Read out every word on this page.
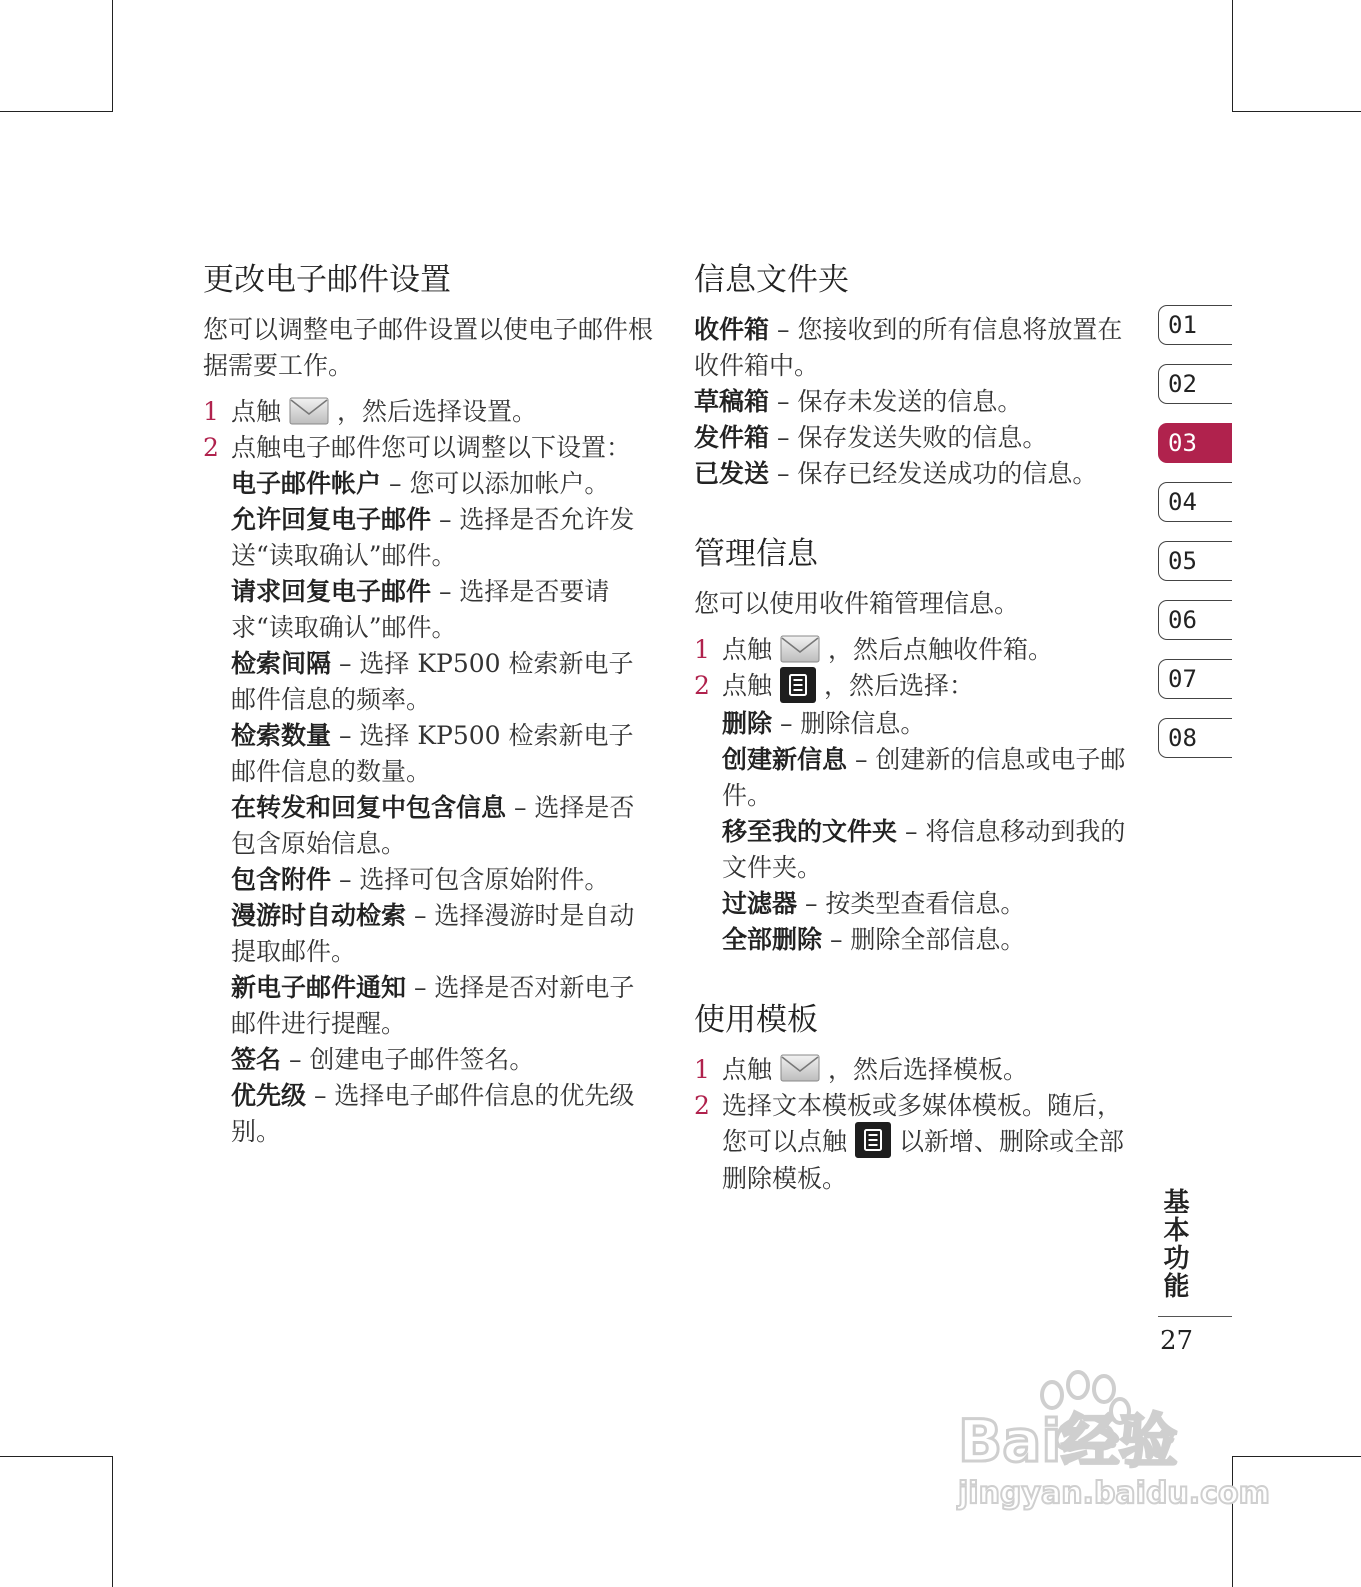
更改电子邮件设置

您可以调整电子邮件设置以使电子邮件根据需要工作。

1 点触 ，然后选择设置。
2 点触电子邮件您可以调整以下设置：
电子邮件帐户 – 您可以添加帐户。
允许回复电子邮件 – 选择是否允许发送“读取确认”邮件。
请求回复电子邮件 – 选择是否要请求“读取确认”邮件。
检索间隔 – 选择 KP500 检索新电子邮件信息的频率。
检索数量 – 选择 KP500 检索新电子邮件信息的数量。
在转发和回复中包含信息 – 选择是否包含原始信息。
包含附件 – 选择可包含原始附件。
漫游时自动检索 – 选择漫游时是自动提取邮件。
新电子邮件通知 – 选择是否对新电子邮件进行提醒。
签名 – 创建电子邮件签名。
优先级 – 选择电子邮件信息的优先级别。
信息文件夹

收件箱 – 您接收到的所有信息将放置在收件箱中。

草稿箱 – 保存未发送的信息。

发件箱 – 保存发送失败的信息。

已发送 – 保存已经发送成功的信息。

管理信息

您可以使用收件箱管理信息。

1 点触 ，然后点触收件箱。
2 点触 ，然后选择：
删除 – 删除信息。
创建新信息 – 创建新的信息或电子邮件。
移至我的文件夹 – 将信息移动到我的文件夹。
过滤器 – 按类型查看信息。
全部删除 – 删除全部信息。
使用模板
1 点触 ，然后选择模板。
2 选择文本模板或多媒体模板。随后，您可以点触 以新增、删除或全部删除模板。
01
02
03
04
05
06
07
08
基本功能
27
Bai经验
jingyan.baidu.com
